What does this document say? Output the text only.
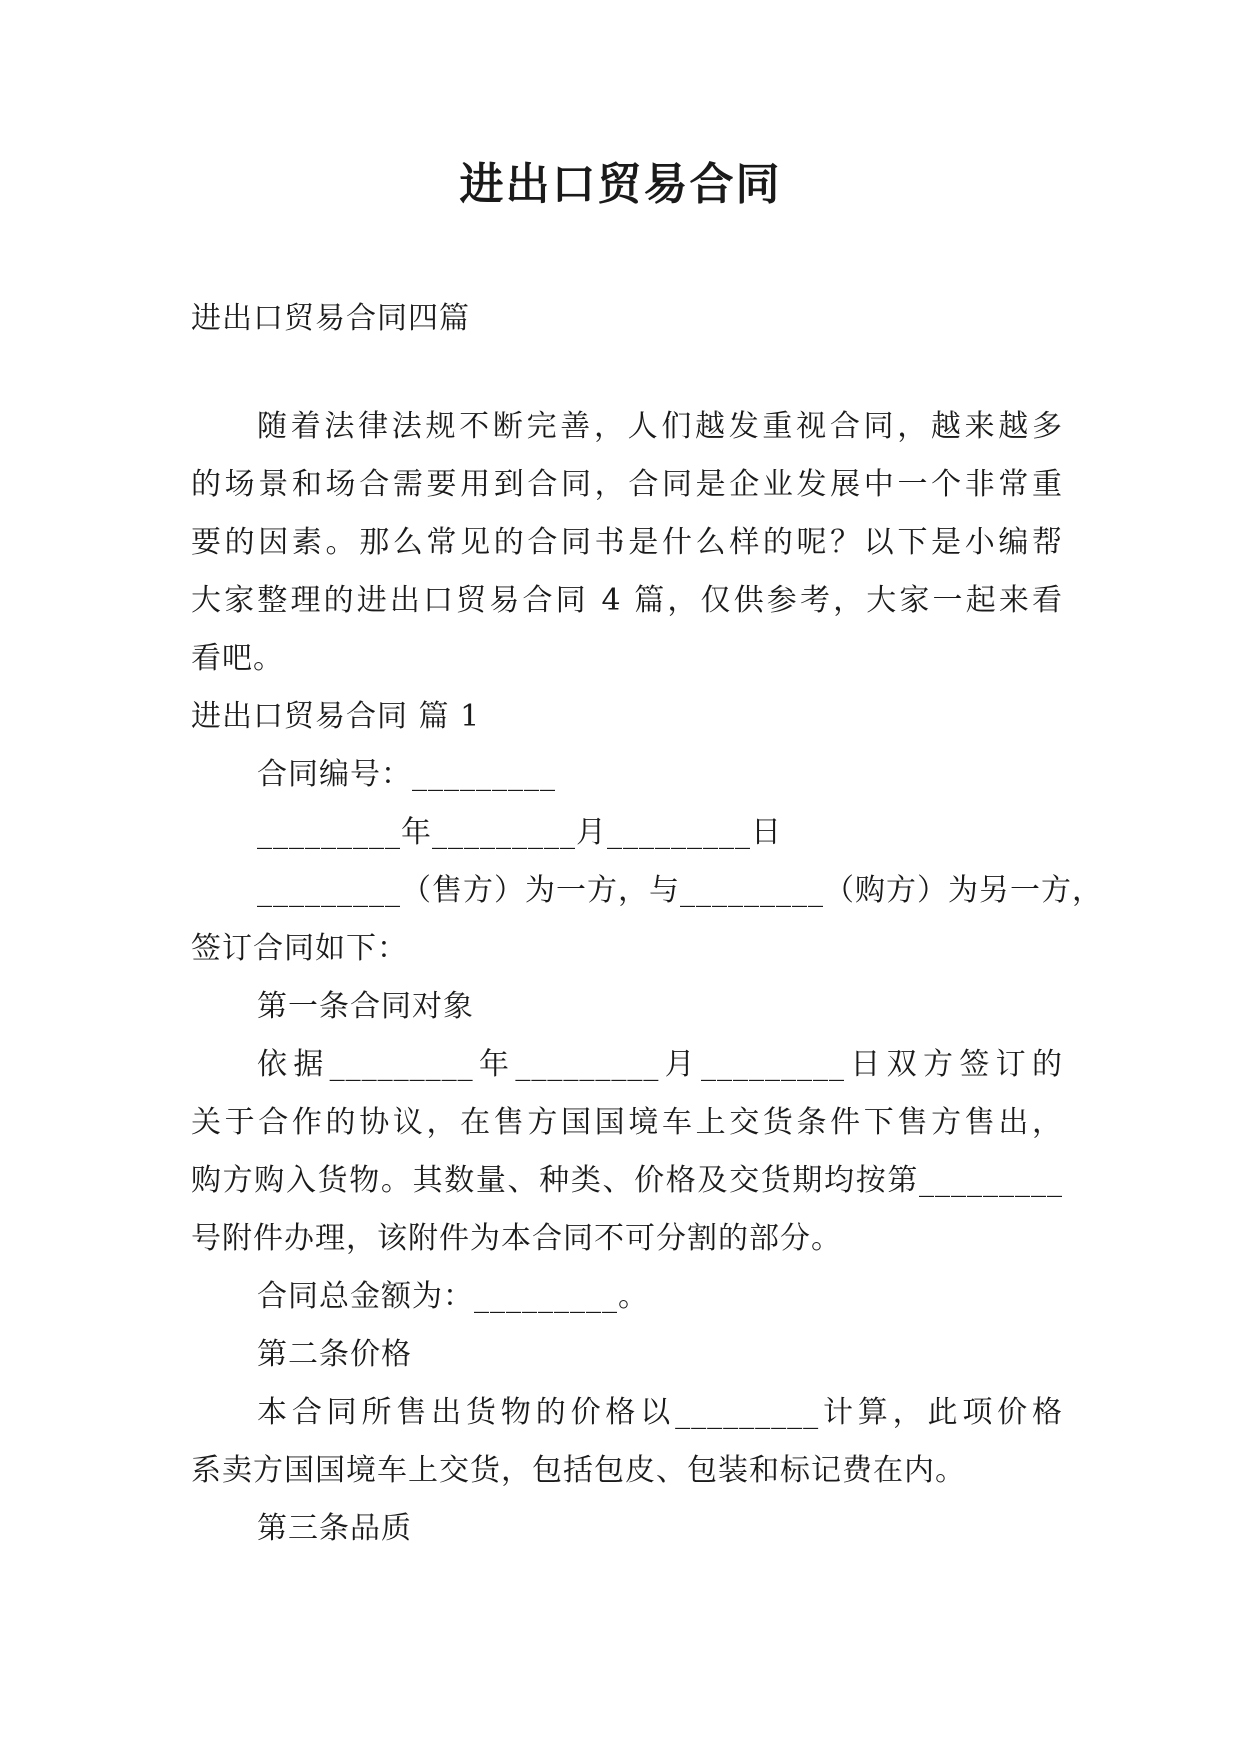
进出口贸易合同
进出口贸易合同四篇
随着法律法规不断完善，人们越发重视合同，越来越多
的场景和场合需要用到合同，合同是企业发展中一个非常重
要的因素。那么常见的合同书是什么样的呢？以下是小编帮
大家整理的进出口贸易合同 4 篇，仅供参考，大家一起来看
看吧。
进出口贸易合同 篇 1
合同编号：_________
_________年_________月_________日
_________（售方）为一方，与_________（购方）为另一方，
签订合同如下：
第一条合同对象
依据_________年_________月_________日双方签订的
关于合作的协议，在售方国国境车上交货条件下售方售出，
购方购入货物。其数量、种类、价格及交货期均按第_________
号附件办理，该附件为本合同不可分割的部分。
合同总金额为：_________。
第二条价格
本合同所售出货物的价格以_________计算，此项价格
系卖方国国境车上交货，包括包皮、包装和标记费在内。
第三条品质
